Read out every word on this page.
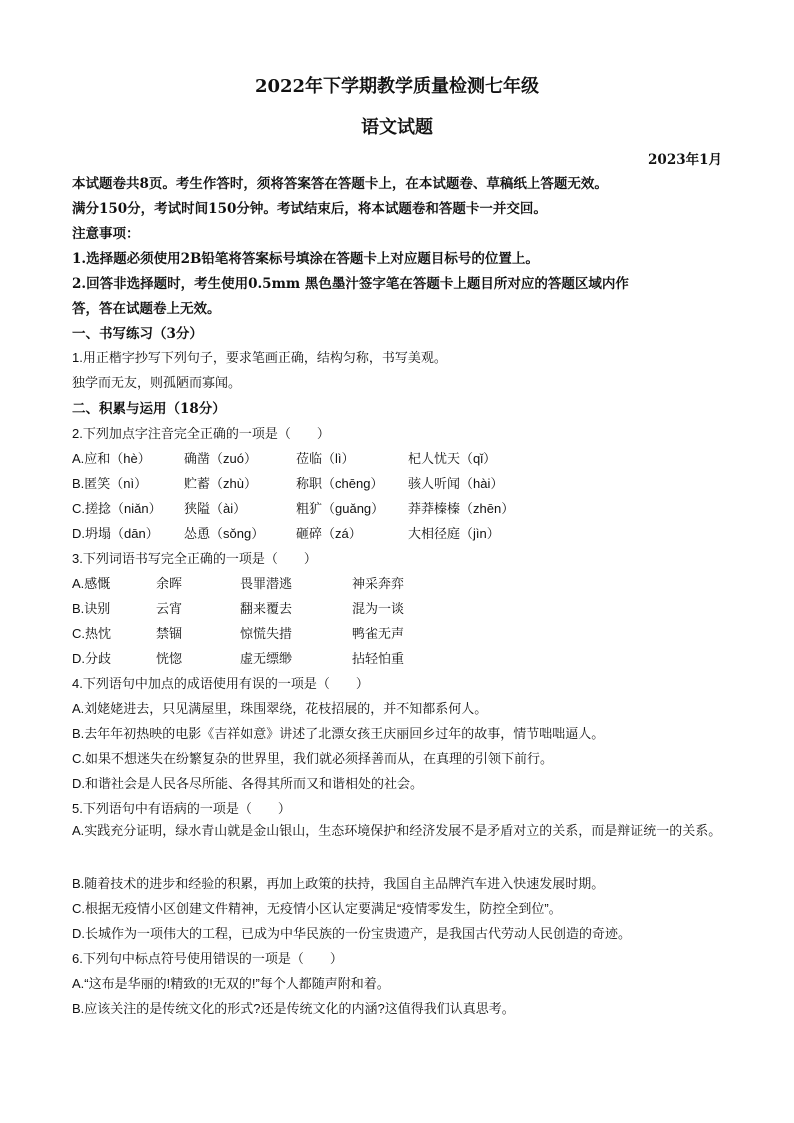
2022年下学期教学质量检测七年级
语文试题
2023年1月
本试题卷共8页。考生作答时，须将答案答在答题卡上，在本试题卷、草稿纸上答题无效。
满分150分，考试时间150分钟。考试结束后，将本试题卷和答题卡一并交回。
注意事项：
1.选择题必须使用2B铅笔将答案标号填涂在答题卡上对应题目标号的位置上。
2.回答非选择题时，考生使用0.5mm 黑色墨汁签字笔在答题卡上题目所对应的答题区域内作
答，答在试题卷上无效。
一、书写练习（3分）
1.用正楷字抄写下列句子，要求笔画正确，结构匀称，书写美观。
独学而无友，则孤陋而寡闻。
二、积累与运用（18分）
2.下列加点字注音完全正确的一项是（　　）
A.应和（hè）	确凿（zuó）	莅临（lì）	杞人忧天（qǐ）
B.匿笑（nì）	贮蓄（zhù）	称职（chēng） 骇人听闻（hài）
C.搓捻（niǎn） 狭隘（ài）	粗犷（guǎng） 莽莽榛榛（zhēn）
D.坍塌（dān） 怂恿（sǒng） 砸碎（zá）	大相径庭（jìn）
3.下列词语书写完全正确的一项是（　　）
A.感慨	余晖	畏罪潜逃	神采奔弈
B.诀别	云宵	翻来覆去	混为一谈
C.热忱	禁锢	惊慌失措	鸭雀无声
D.分歧	恍惚	虚无缥缈	拈轻怕重
4.下列语句中加点的成语使用有误的一项是（　　）
A.刘姥姥进去，只见满屋里，珠围翠绕，花枝招展的，并不知都系何人。
B.去年年初热映的电影《吉祥如意》讲述了北漂女孩王庆丽回乡过年的故事，情节咄咄逼人。
C.如果不想迷失在纷繁复杂的世界里，我们就必须择善而从，在真理的引领下前行。
D.和谐社会是人民各尽所能、各得其所而又和谐相处的社会。
5.下列语句中有语病的一项是（　　）
A.实践充分证明，绿水青山就是金山银山，生态环境保护和经济发展不是矛盾对立的关系，而是辩证统一的关系。
B.随着技术的进步和经验的积累，再加上政策的扶持，我国自主品牌汽车进入快速发展时期。
C.根据无疫情小区创建文件精神，无疫情小区认定要满足“疫情零发生，防控全到位”。
D.长城作为一项伟大的工程，已成为中华民族的一份宝贵遗产，是我国古代劳动人民创造的奇迹。
6.下列句中标点符号使用错误的一项是（　　）
A.“这布是华丽的!精致的!无双的!”每个人都随声附和着。
B.应该关注的是传统文化的形式?还是传统文化的内涵?这值得我们认真思考。
